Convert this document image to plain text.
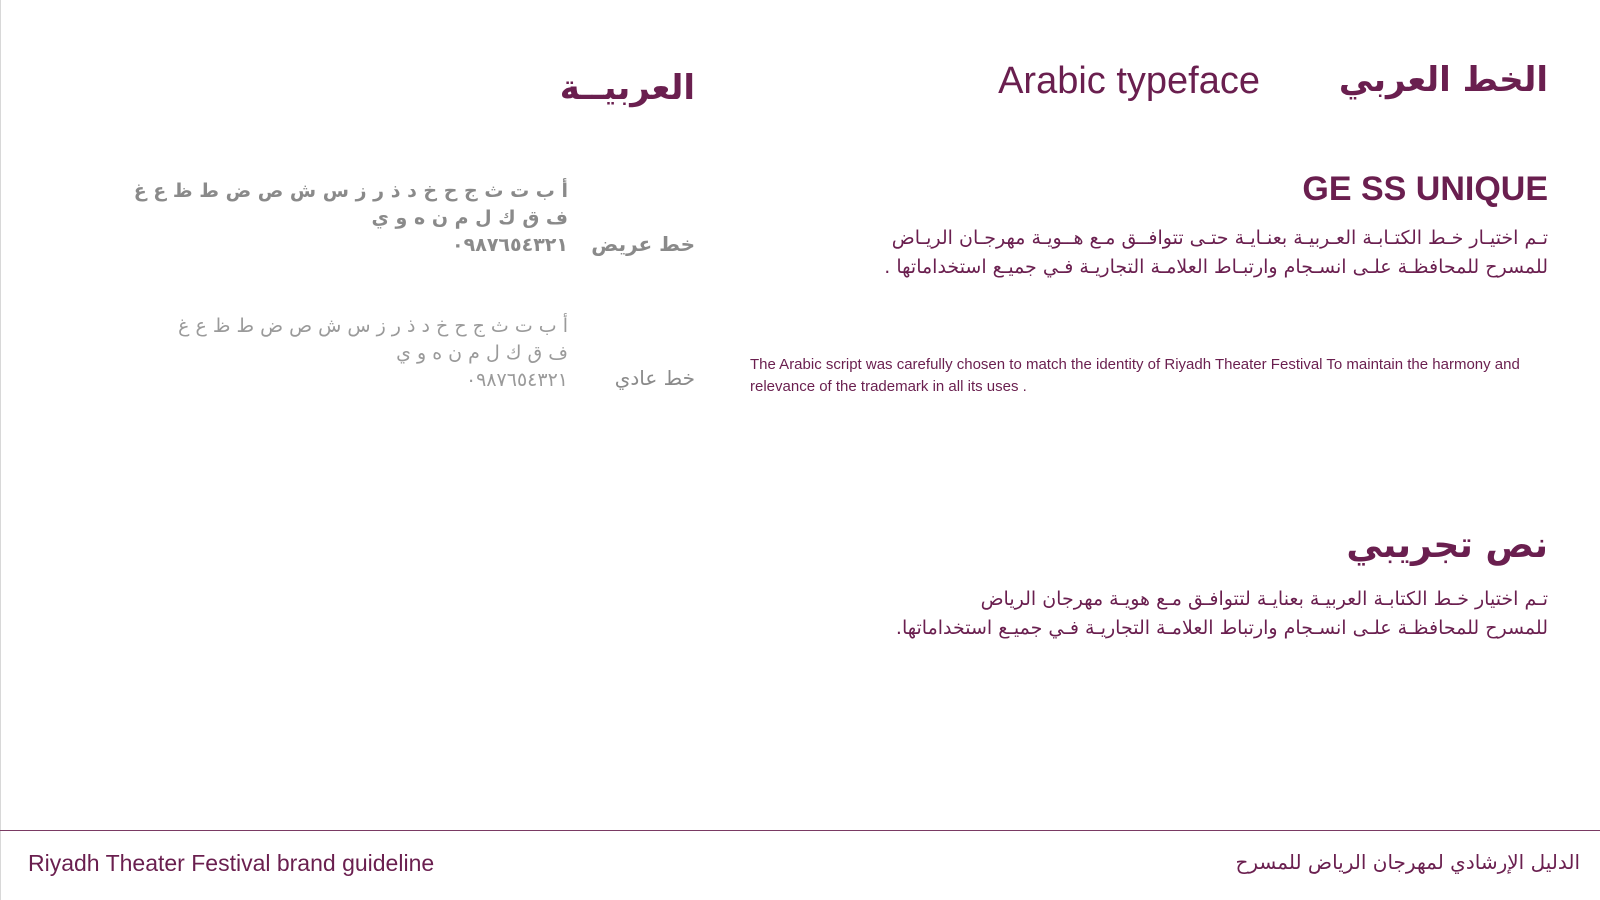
العربيــة
خط عريض
أ ب ت ث ج ح خ د ذ ر ز س ش ص ض ط ظ ع غ
ف ق ك ل م ن ه و ي
٠٩٨٧٦٥٤٣٢١
خط عادي
أ ب ت ث ج ح خ د ذ ر ز س ش ص ض ط ظ ع غ
ف ق ك ل م ن ه و ي
٠٩٨٧٦٥٤٣٢١
الخط العربي
Arabic typeface
GE SS UNIQUE
تـم اختيـار خـط الكتـابـة العـربيـة بعنـايـة حتـى تتوافــق مـع هــويـة مهرجـان الريـاض
للمسرح للمحافظـة علـى انسـجام وارتبـاط العلامـة التجاريـة فـي جميـع استخداماتها .
The Arabic script was carefully chosen to match the identity of Riyadh Theater Festival To maintain the harmony and relevance of the trademark in all its uses .
نص تجريبي
تـم اختيار خـط الكتابـة العربيـة بعنايـة لتتوافـق مـع هويـة مهرجان الرياض
للمسرح للمحافظـة علـى انسـجام وارتباط العلامـة التجاريـة فـي جميـع استخداماتها.
Riyadh Theater Festival brand guideline	الدليل الإرشادي لمهرجان الرياض للمسرح
